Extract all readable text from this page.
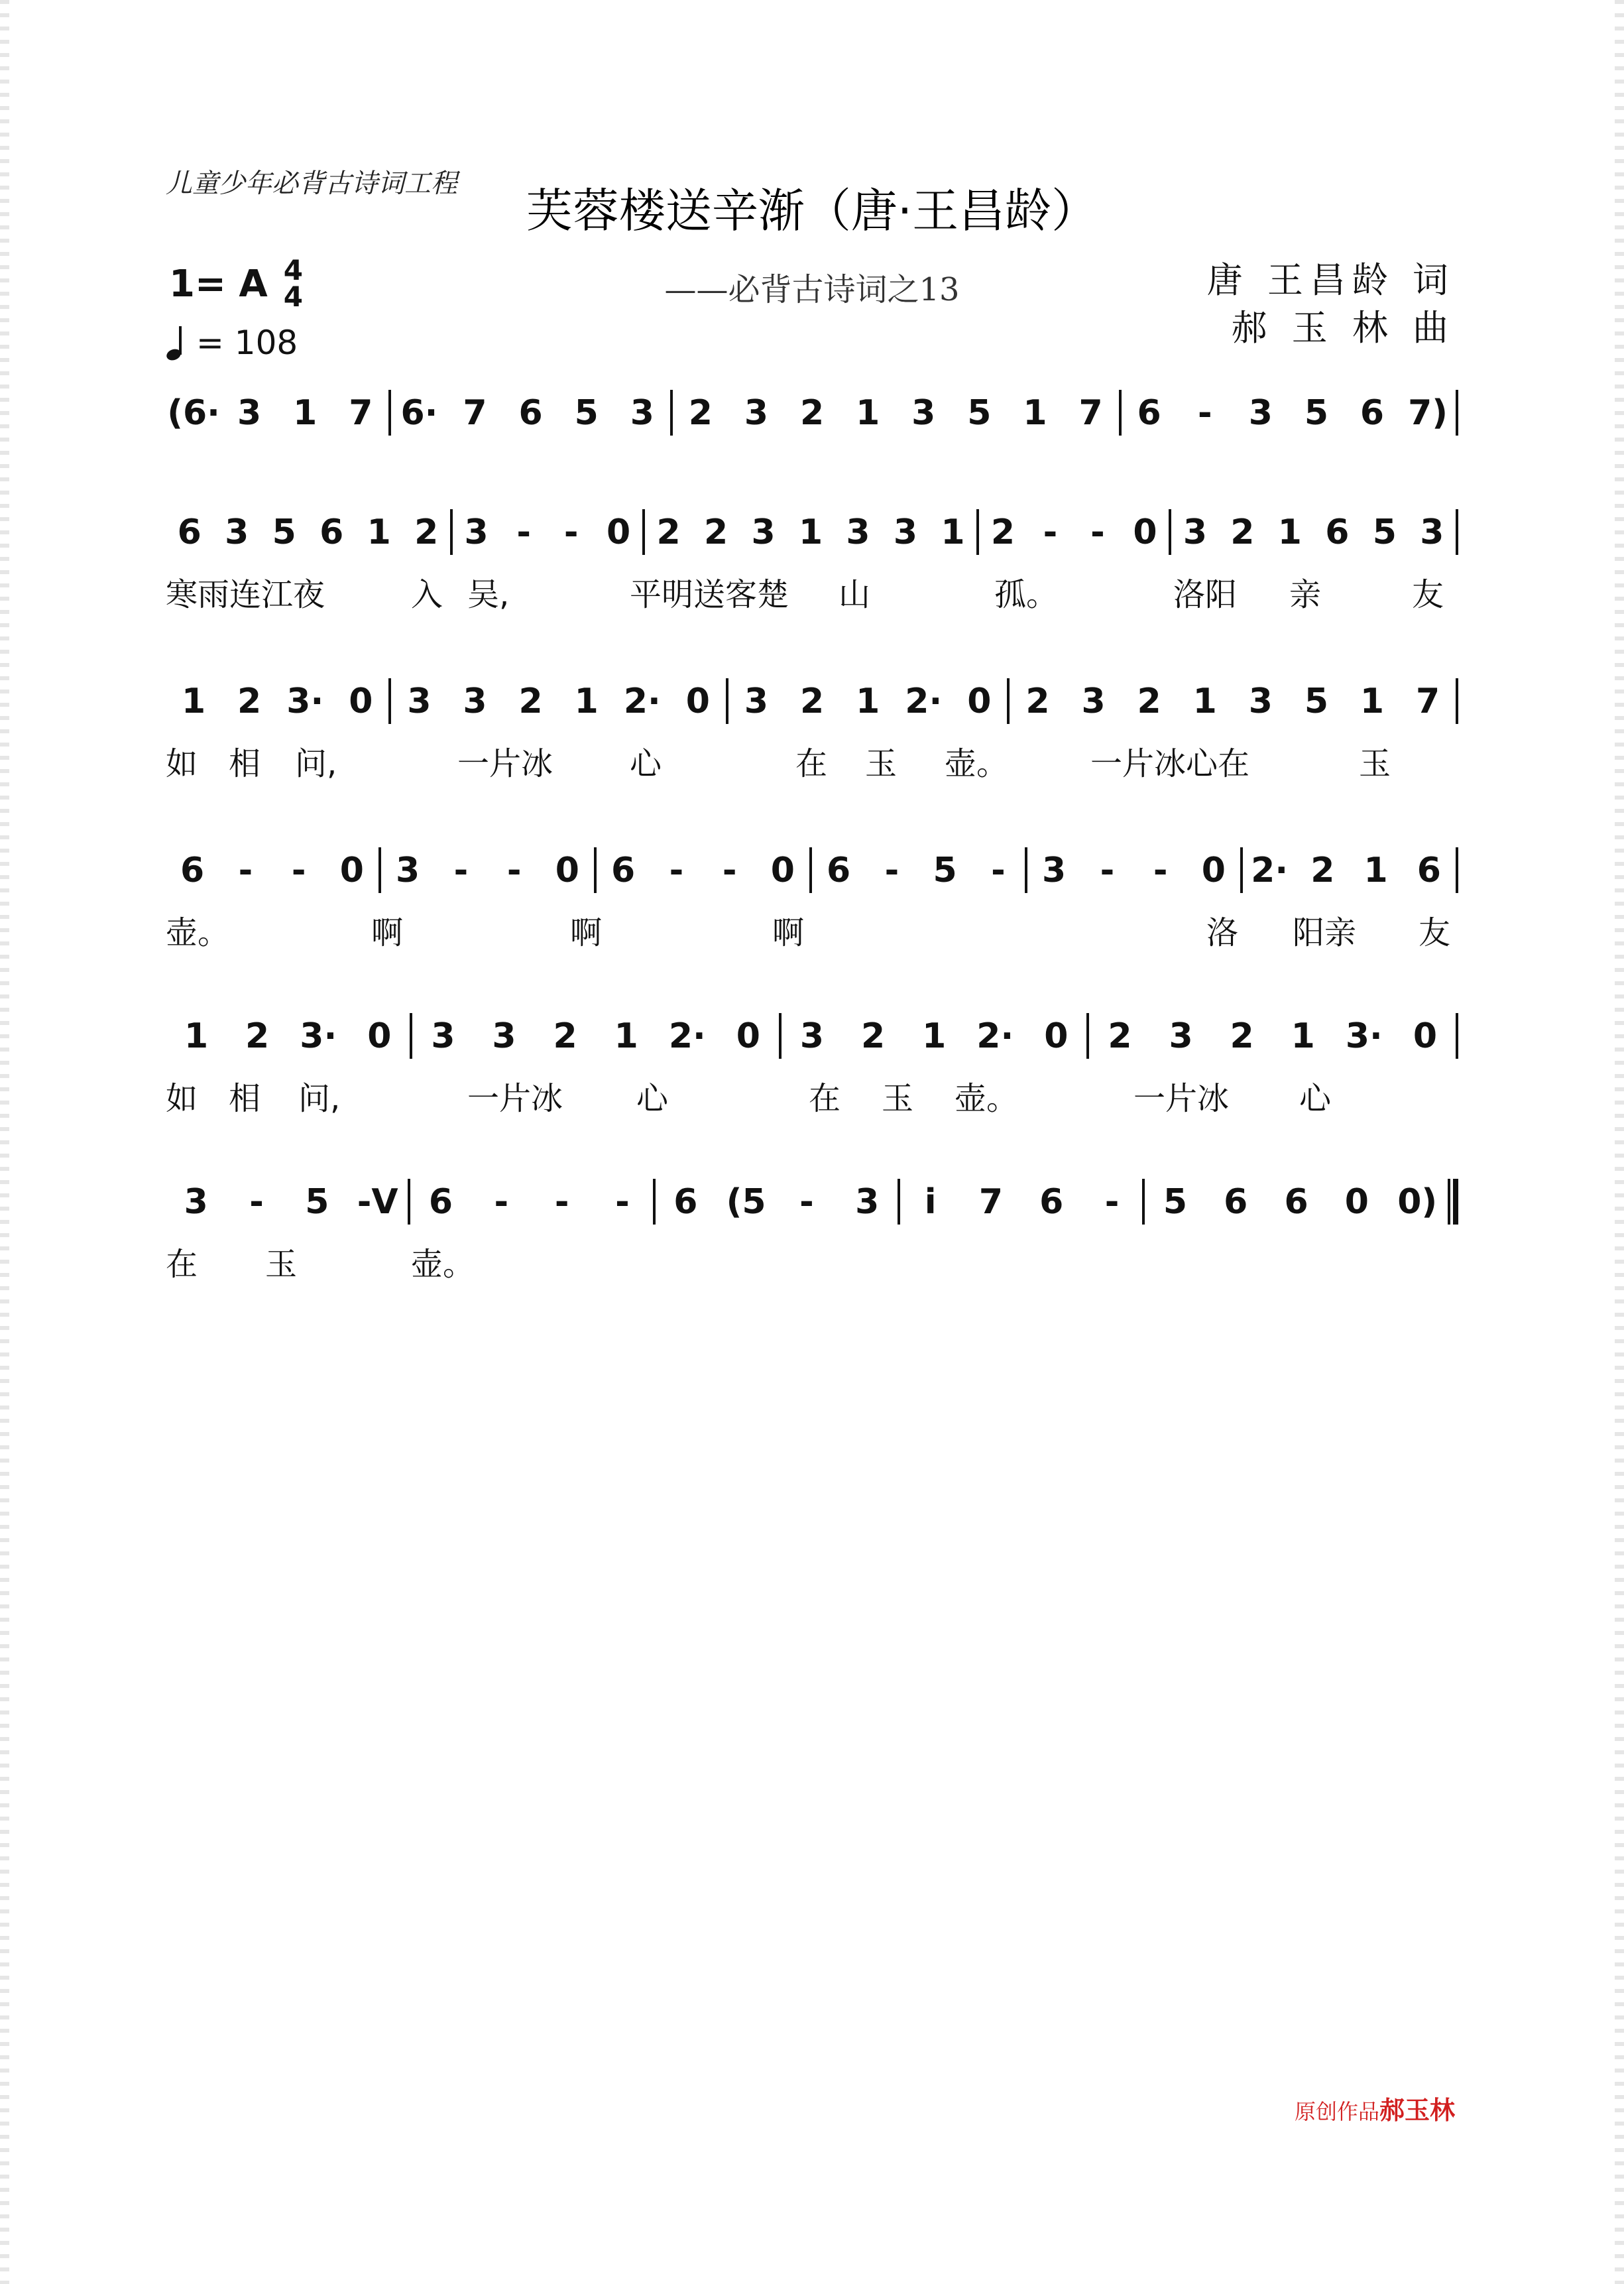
儿童少年必背古诗词工程	芙蓉楼送辛渐（唐·王昌龄）
——必背古诗词之13	唐 王昌龄 词
郝 玉 林 曲
1= A 4
4
= 108
(6· 3 1 7 6· 7 6 5 3 2 3 2 1 3 5 1 7 6	-	3 5 6 7)
6 3 5 6 1 2 3 - - 0 2 2 3 1 3 3 1 2 - - 0 3 2 1 6 5 3
寒雨连江夜	入 吴,	平明送客楚 山	孤。	洛阳 亲	友
1 2 3· 0 3 3 2 1 2· 0 3 2 1 2· 0 2 3 2 1 3 5 1 7
如 相 问,	一片冰 心	在 玉 壶。	一片冰心在	玉
6 -	- 0 3 -	- 0 6 -	- 0 6 - 5 -	3 -	- 0 2· 2 1 6
壶。	啊	啊	啊	洛 阳亲 友
1	2 3· 0	3	3	2	1 2· 0	3	2	1 2· 0	2	3	2	1 3· 0
如 相 问,	一片冰 心	在 玉 壶。	一片冰 心
3	-	5 -ᐯ 6	-	-	-	6 (5 -	3	i	7	6	-	5	6	6	0 0)
在 玉	壶。
原创作品郝玉林
